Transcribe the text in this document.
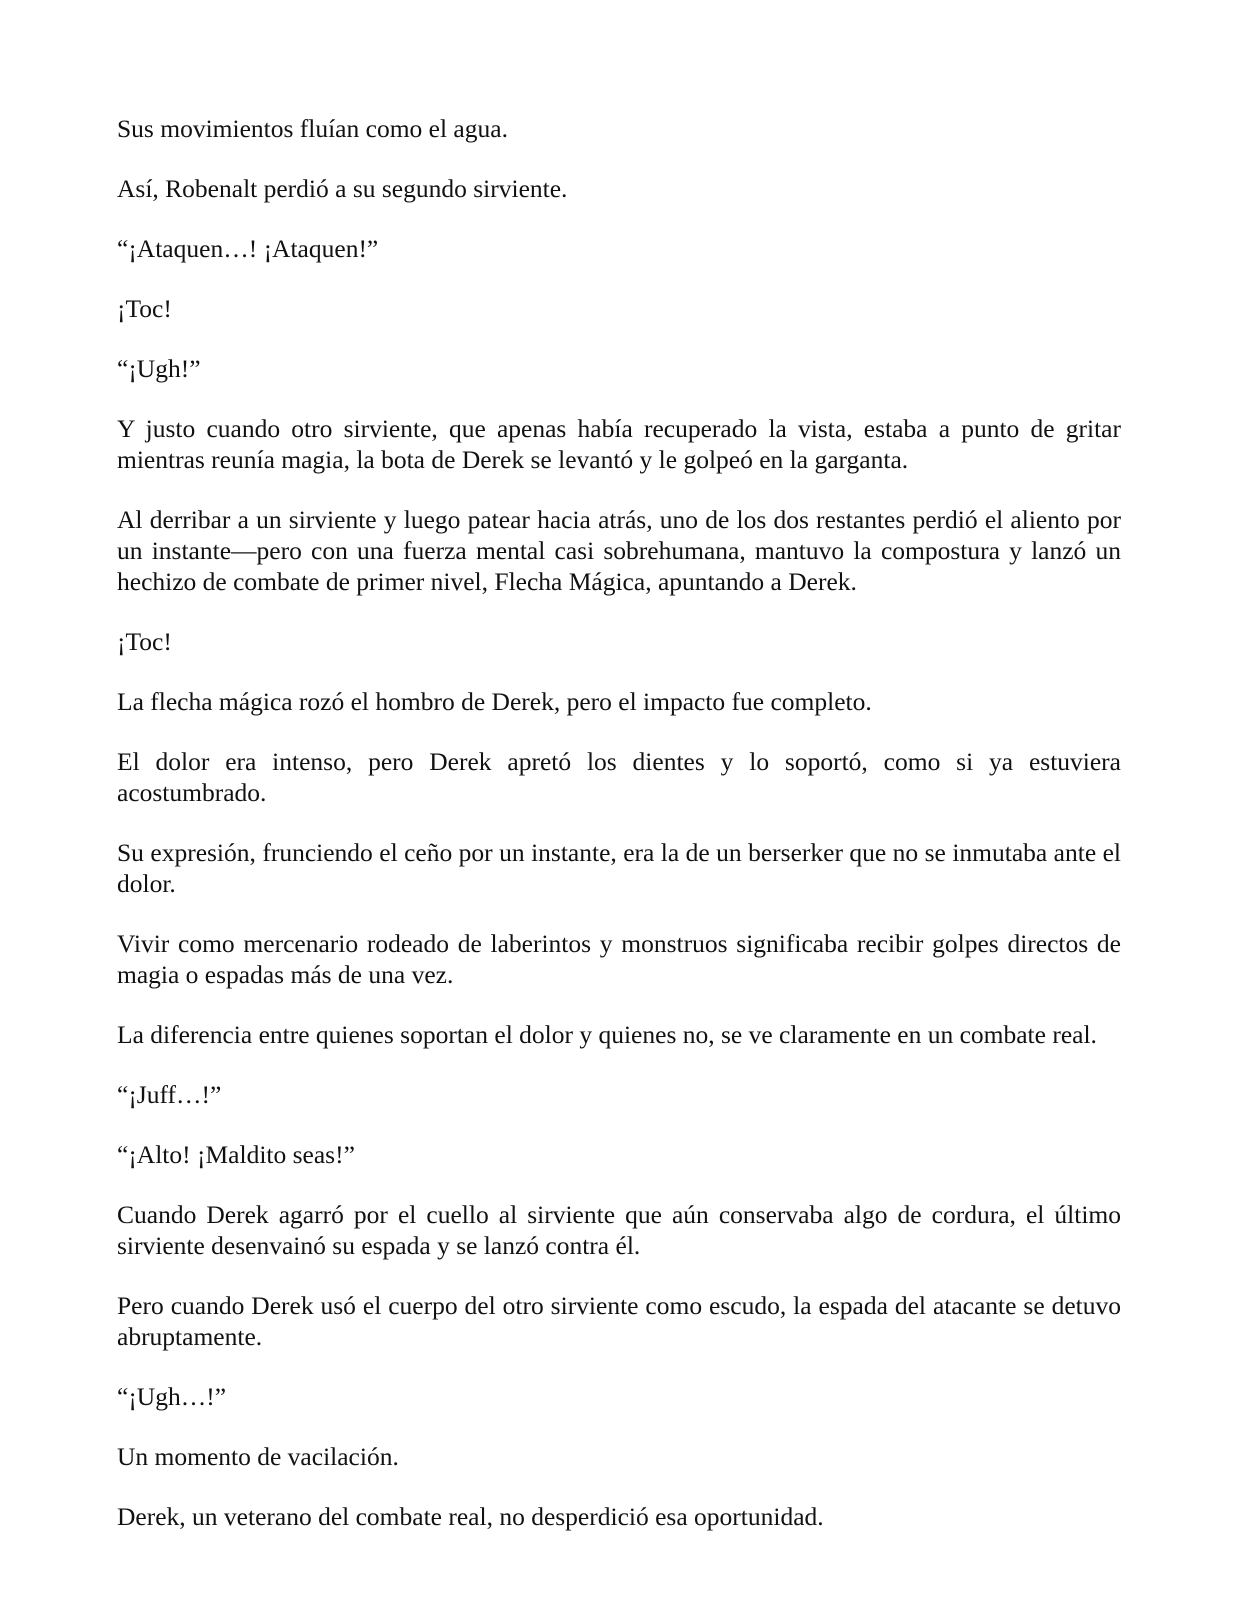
Sus movimientos fluían como el agua.

Así, Robenalt perdió a su segundo sirviente.

“¡Ataquen…! ¡Ataquen!”

¡Toc!

“¡Ugh!”

Y justo cuando otro sirviente, que apenas había recuperado la vista, estaba a punto de gritar mientras reunía magia, la bota de Derek se levantó y le golpeó en la garganta.

Al derribar a un sirviente y luego patear hacia atrás, uno de los dos restantes perdió el aliento por un instante—pero con una fuerza mental casi sobrehumana, mantuvo la compostura y lanzó un hechizo de combate de primer nivel, Flecha Mágica, apuntando a Derek.

¡Toc!

La flecha mágica rozó el hombro de Derek, pero el impacto fue completo.

El dolor era intenso, pero Derek apretó los dientes y lo soportó, como si ya estuviera acostumbrado.

Su expresión, frunciendo el ceño por un instante, era la de un berserker que no se inmutaba ante el dolor.

Vivir como mercenario rodeado de laberintos y monstruos significaba recibir golpes directos de magia o espadas más de una vez.

La diferencia entre quienes soportan el dolor y quienes no, se ve claramente en un combate real.

“¡Juff…!”

“¡Alto! ¡Maldito seas!”

Cuando Derek agarró por el cuello al sirviente que aún conservaba algo de cordura, el último sirviente desenvainó su espada y se lanzó contra él.

Pero cuando Derek usó el cuerpo del otro sirviente como escudo, la espada del atacante se detuvo abruptamente.

“¡Ugh…!”

Un momento de vacilación.

Derek, un veterano del combate real, no desperdició esa oportunidad.
